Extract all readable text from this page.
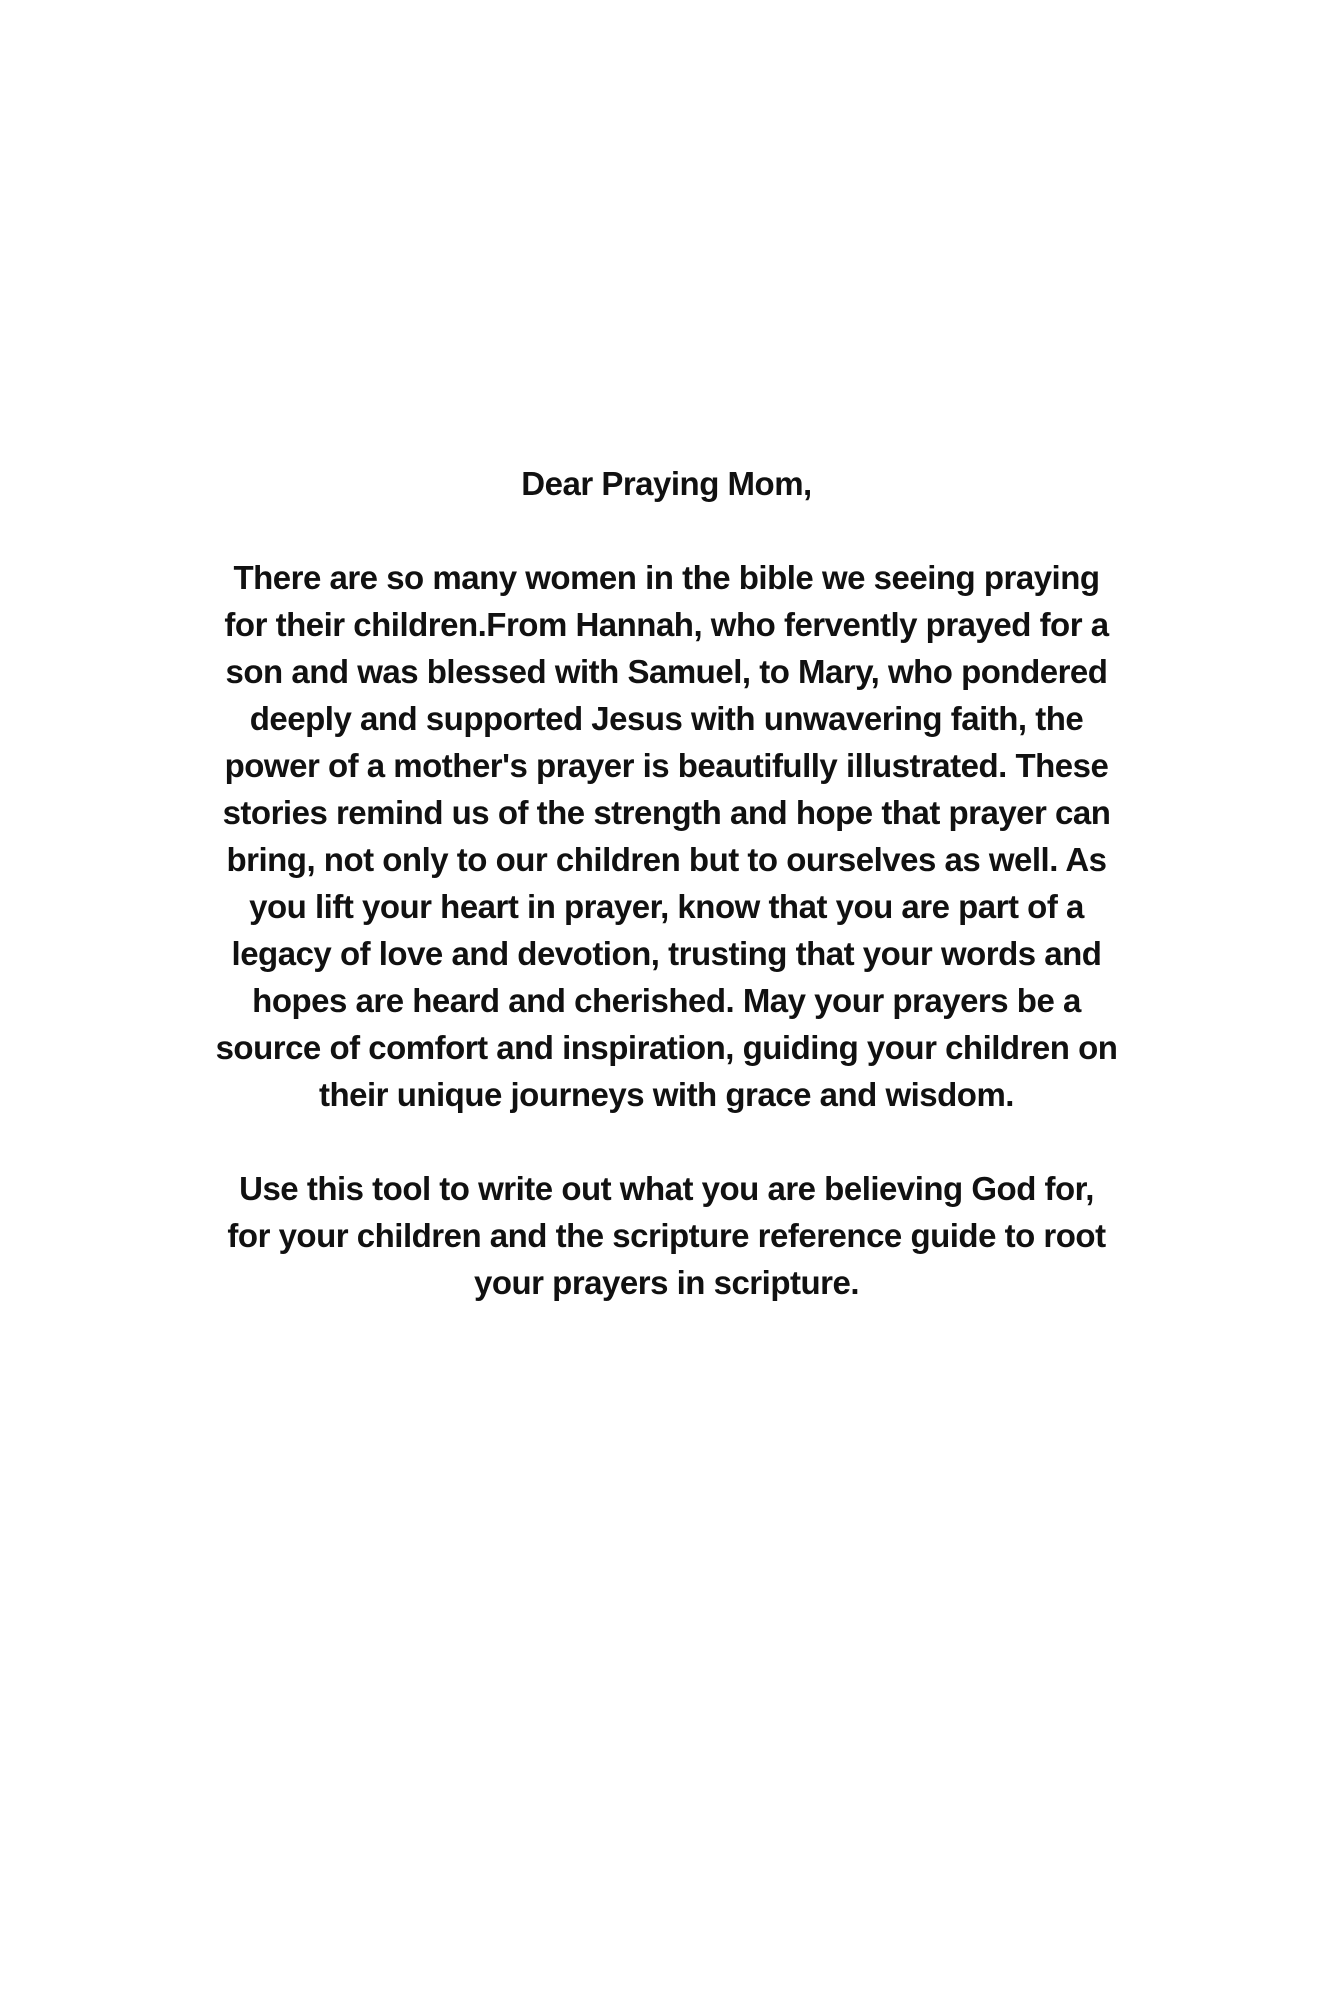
Dear Praying Mom,
There are so many women in the bible we seeing praying
for their children.From Hannah, who fervently prayed for a
son and was blessed with Samuel, to Mary, who pondered
deeply and supported Jesus with unwavering faith, the
power of a mother's prayer is beautifully illustrated. These
stories remind us of the strength and hope that prayer can
bring, not only to our children but to ourselves as well. As
you lift your heart in prayer, know that you are part of a
legacy of love and devotion, trusting that your words and
hopes are heard and cherished. May your prayers be a
source of comfort and inspiration, guiding your children on
their unique journeys with grace and wisdom.
Use this tool to write out what you are believing God for,
for your children and the scripture reference guide to root
your prayers in scripture.
